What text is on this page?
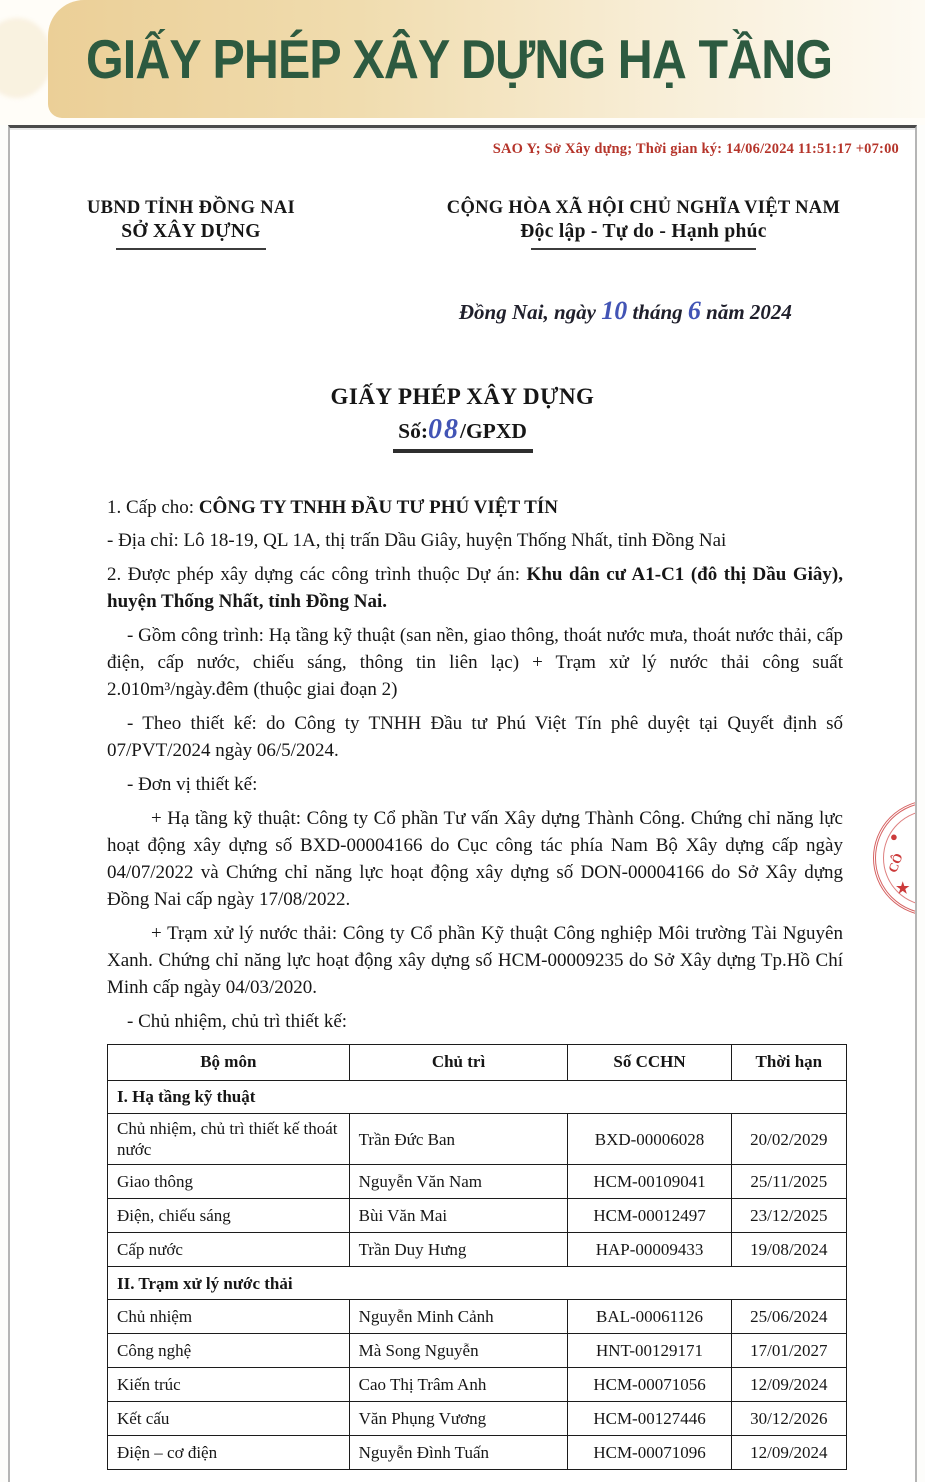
GIẤY PHÉP XÂY DỰNG HẠ TẦNG
SAO Y; Sở Xây dựng; Thời gian ký: 14/06/2024 11:51:17 +07:00
UBND TỈNH ĐỒNG NAI
SỞ XÂY DỰNG
CỘNG HÒA XÃ HỘI CHỦ NGHĨA VIỆT NAM
Độc lập - Tự do - Hạnh phúc
Đồng Nai, ngày 10 tháng 6 năm 2024
GIẤY PHÉP XÂY DỰNG
Số:08/GPXD

1. Cấp cho: CÔNG TY TNHH ĐẦU TƯ PHÚ VIỆT TÍN

- Địa chỉ: Lô 18-19, QL 1A, thị trấn Dầu Giây, huyện Thống Nhất, tỉnh Đồng Nai

2. Được phép xây dựng các công trình thuộc Dự án: Khu dân cư A1-C1 (đô thị Dầu Giây), huyện Thống Nhất, tỉnh Đồng Nai.

- Gồm công trình: Hạ tầng kỹ thuật (san nền, giao thông, thoát nước mưa, thoát nước thải, cấp điện, cấp nước, chiếu sáng, thông tin liên lạc) + Trạm xử lý nước thải công suất 2.010m³/ngày.đêm (thuộc giai đoạn 2)

- Theo thiết kế: do Công ty TNHH Đầu tư Phú Việt Tín phê duyệt tại Quyết định số 07/PVT/2024 ngày 06/5/2024.

- Đơn vị thiết kế:

+ Hạ tầng kỹ thuật: Công ty Cổ phần Tư vấn Xây dựng Thành Công. Chứng chỉ năng lực hoạt động xây dựng số BXD-00004166 do Cục công tác phía Nam Bộ Xây dựng cấp ngày 04/07/2022 và Chứng chỉ năng lực hoạt động xây dựng số DON-00004166 do Sở Xây dựng Đồng Nai cấp ngày 17/08/2022.

+ Trạm xử lý nước thải: Công ty Cổ phần Kỹ thuật Công nghiệp Môi trường Tài Nguyên Xanh. Chứng chỉ năng lực hoạt động xây dựng số HCM-00009235 do Sở Xây dựng Tp.Hồ Chí Minh cấp ngày 04/03/2020.

- Chủ nhiệm, chủ trì thiết kế:

Bộ môn	Chủ trì	Số CCHN	Thời hạn
I. Hạ tầng kỹ thuật			
Chủ nhiệm, chủ trì thiết kế thoát nước	Trần Đức Ban	BXD-00006028	20/02/2029
Giao thông	Nguyễn Văn Nam	HCM-00109041	25/11/2025
Điện, chiếu sáng	Bùi Văn Mai	HCM-00012497	23/12/2025
Cấp nước	Trần Duy Hưng	HAP-00009433	19/08/2024
II. Trạm xử lý nước thải			
Chủ nhiệm	Nguyễn Minh Cảnh	BAL-00061126	25/06/2024
Công nghệ	Mà Song Nguyễn	HNT-00129171	17/01/2027
Kiến trúc	Cao Thị Trâm Anh	HCM-00071056	12/09/2024
Kết cấu	Văn Phụng Vương	HCM-00127446	30/12/2026
Điện – cơ điện	Nguyễn Đình Tuấn	HCM-00071096	12/09/2024
●
CÔ
★
